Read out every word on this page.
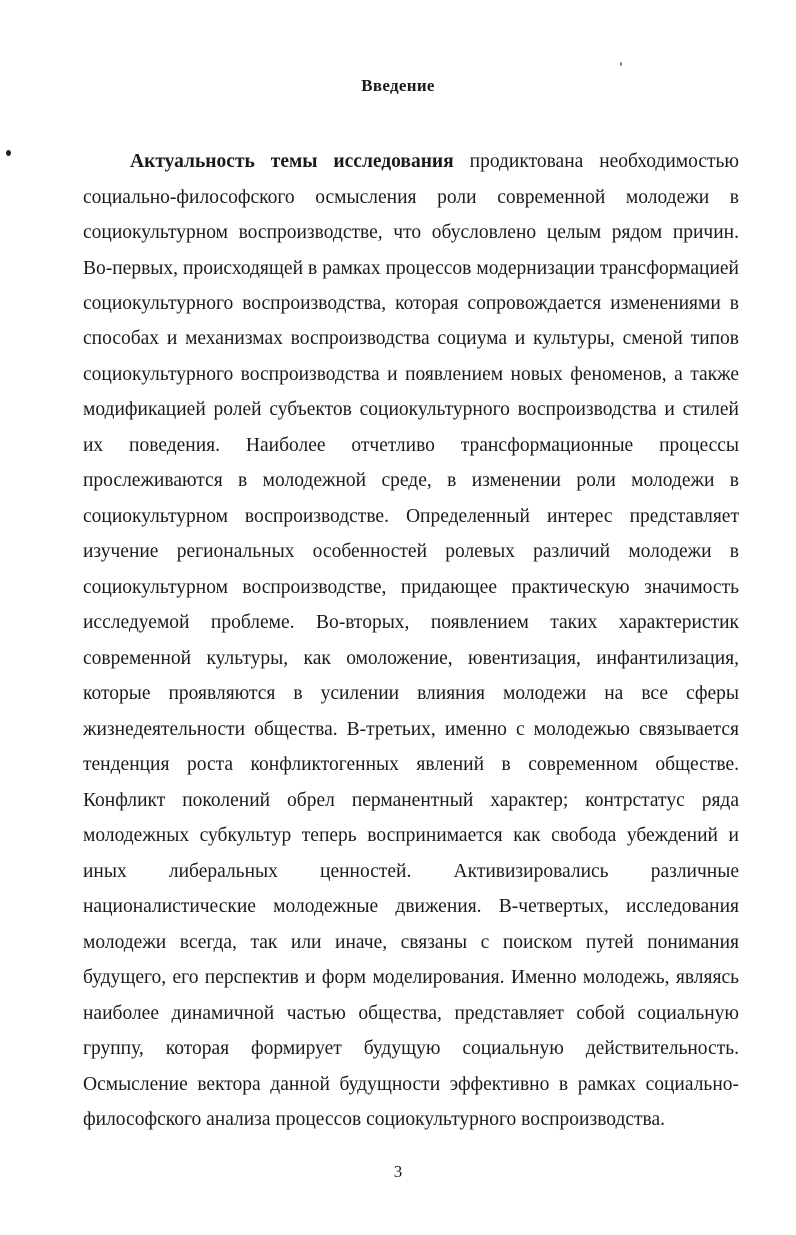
Введение
Актуальность темы исследования продиктована необходимостью
социально-философского осмысления роли современной молодежи в
социокультурном воспроизводстве, что обусловлено целым рядом причин.
Во-первых, происходящей в рамках процессов модернизации трансформацией
социокультурного воспроизводства, которая сопровождается изменениями в
способах и механизмах воспроизводства социума и культуры, сменой типов
социокультурного воспроизводства и появлением новых феноменов, а также
модификацией ролей субъектов социокультурного воспроизводства и стилей
их поведения. Наиболее отчетливо трансформационные процессы
прослеживаются в молодежной среде, в изменении роли молодежи в
социокультурном воспроизводстве. Определенный интерес представляет
изучение региональных особенностей ролевых различий молодежи в
социокультурном воспроизводстве, придающее практическую значимость
исследуемой проблеме. Во-вторых, появлением таких характеристик
современной культуры, как омоложение, ювентизация, инфантилизация,
которые проявляются в усилении влияния молодежи на все сферы
жизнедеятельности общества. В-третьих, именно с молодежью связывается
тенденция роста конфликтогенных явлений в современном обществе.
Конфликт поколений обрел перманентный характер; контрстатус ряда
молодежных субкультур теперь воспринимается как свобода убеждений и
иных либеральных ценностей. Активизировались различные
националистические молодежные движения. В-четвертых, исследования
молодежи всегда, так или иначе, связаны с поиском путей понимания
будущего, его перспектив и форм моделирования. Именно молодежь, являясь
наиболее динамичной частью общества, представляет собой социальную
группу, которая формирует будущую социальную действительность.
Осмысление вектора данной будущности эффективно в рамках социально-
философского анализа процессов социокультурного воспроизводства.
3
